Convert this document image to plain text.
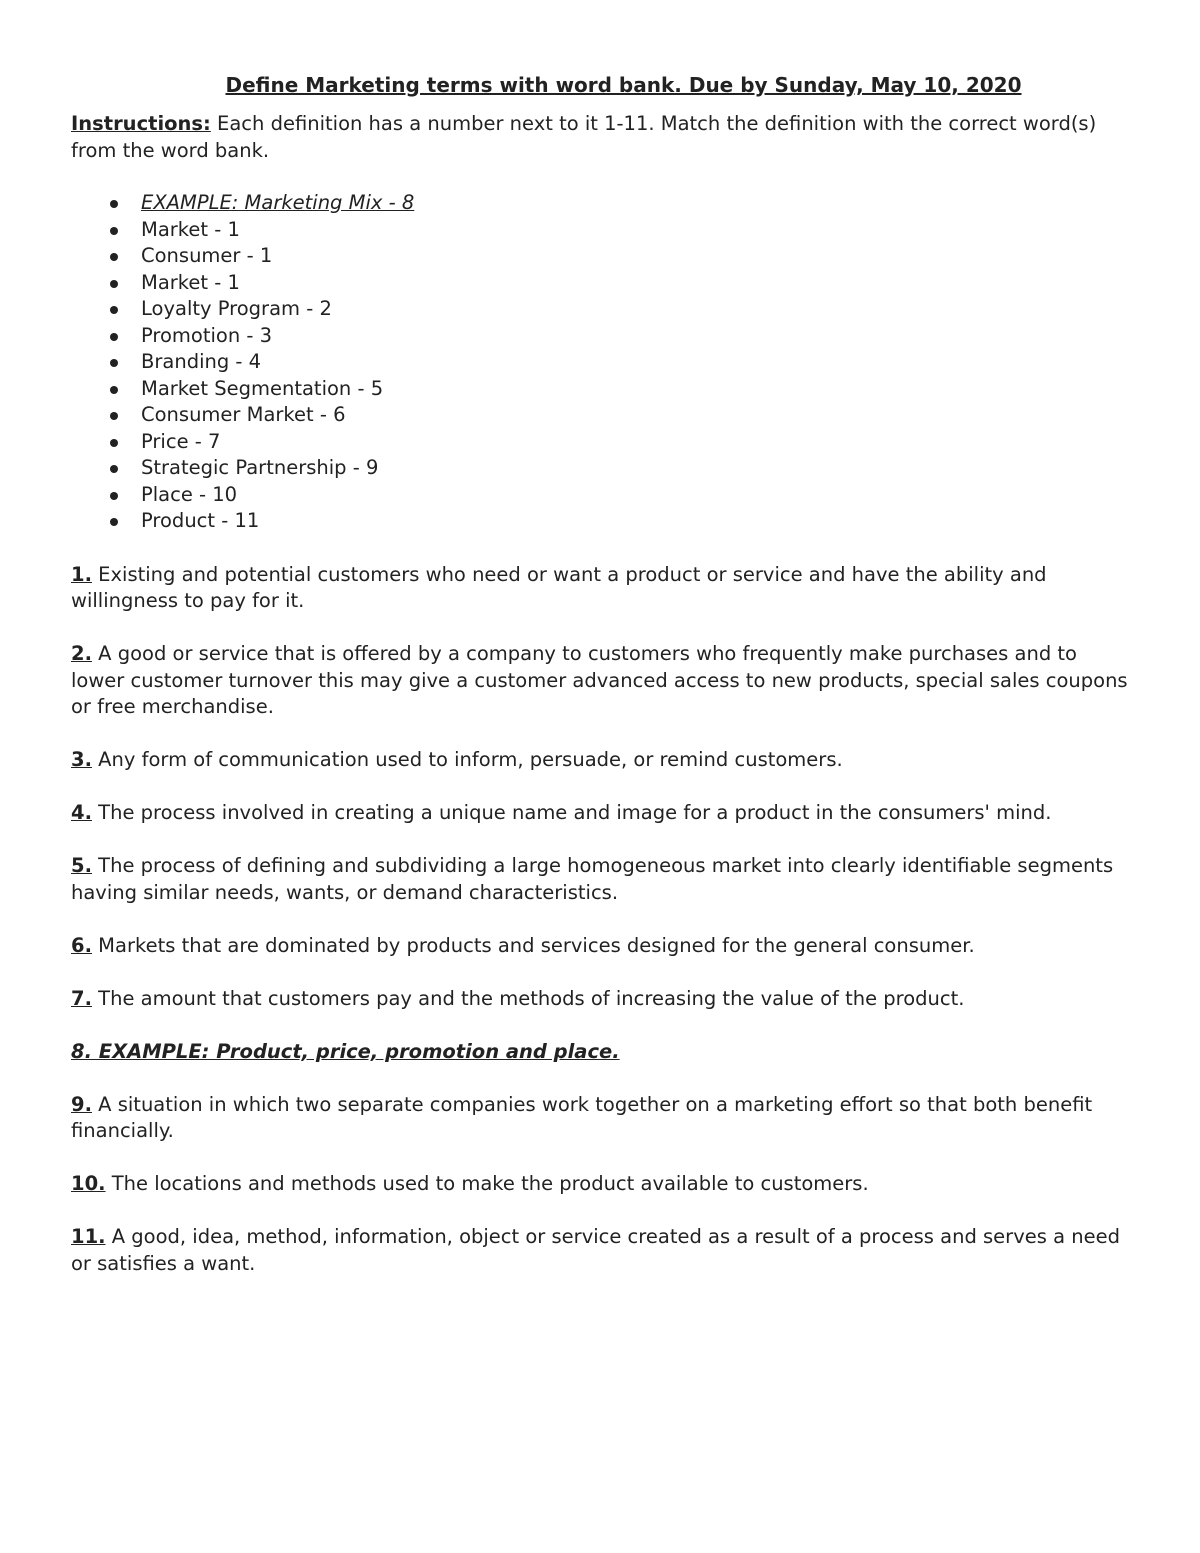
Define Marketing terms with word bank. Due by Sunday, May 10, 2020

Instructions: Each definition has a number next to it 1-11. Match the definition with the correct word(s) from the word bank.

EXAMPLE: Marketing Mix - 8
Market - 1
Consumer - 1
Market - 1
Loyalty Program - 2
Promotion - 3
Branding - 4
Market Segmentation - 5
Consumer Market - 6
Price - 7
Strategic Partnership - 9
Place - 10
Product - 11

1. Existing and potential customers who need or want a product or service and have the ability and willingness to pay for it.

2. A good or service that is offered by a company to customers who frequently make purchases and to lower customer turnover this may give a customer advanced access to new products, special sales coupons or free merchandise.

3. Any form of communication used to inform, persuade, or remind customers.

4. The process involved in creating a unique name and image for a product in the consumers' mind.

5. The process of defining and subdividing a large homogeneous market into clearly identifiable segments having similar needs, wants, or demand characteristics.

6. Markets that are dominated by products and services designed for the general consumer.

7. The amount that customers pay and the methods of increasing the value of the product.

8. EXAMPLE: Product, price, promotion and place.

9. A situation in which two separate companies work together on a marketing effort so that both benefit financially.

10. The locations and methods used to make the product available to customers.

11. A good, idea, method, information, object or service created as a result of a process and serves a need or satisfies a want.
